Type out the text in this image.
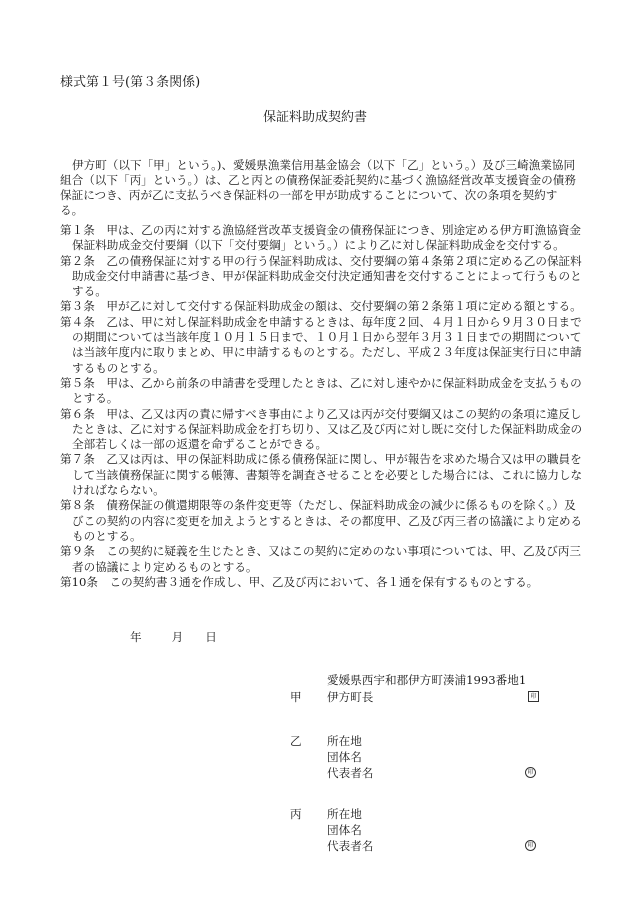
様式第１号(第３条関係)
保証料助成契約書

伊方町（以下「甲」という。)、愛媛県漁業信用基金協会（以下「乙」という。）及び三崎漁業協同組合（以下「丙」という。）は、乙と丙との債務保証委託契約に基づく漁協経営改革支援資金の債務保証につき、丙が乙に支払うべき保証料の一部を甲が助成することについて、次の条項を契約する。

第１条　甲は、乙の丙に対する漁協経営改革支援資金の債務保証につき、別途定める伊方町漁協資金保証料助成金交付要綱（以下「交付要綱」という。）により乙に対し保証料助成金を交付する。

第２条　乙の債務保証に対する甲の行う保証料助成は、交付要綱の第４条第２項に定める乙の保証料助成金交付申請書に基づき、甲が保証料助成金交付決定通知書を交付することによって行うものとする。

第３条　甲が乙に対して交付する保証料助成金の額は、交付要綱の第２条第１項に定める額とする。

第４条　乙は、甲に対し保証料助成金を申請するときは、毎年度２回、４月１日から９月３０日までの期間については当該年度１０月１５日まで、１０月１日から翌年３月３１日までの期間については当該年度内に取りまとめ、甲に申請するものとする。ただし、平成２３年度は保証実行日に申請するものとする。

第５条　甲は、乙から前条の申請書を受理したときは、乙に対し速やかに保証料助成金を支払うものとする。

第６条　甲は、乙又は丙の責に帰すべき事由により乙又は丙が交付要綱又はこの契約の条項に違反したときは、乙に対する保証料助成金を打ち切り、又は乙及び丙に対し既に交付した保証料助成金の全部若しくは一部の返還を命ずることができる。

第７条　乙又は丙は、甲の保証料助成に係る債務保証に関し、甲が報告を求めた場合又は甲の職員をして当該債務保証に関する帳簿、書類等を調査させることを必要とした場合には、これに協力しなければならない。

第８条　債務保証の償還期限等の条件変更等（ただし、保証料助成金の減少に係るものを除く。）及びこの契約の内容に変更を加えようとするときは、その都度甲、乙及び丙三者の協議により定めるものとする。

第９条　この契約に疑義を生じたとき、又はこの契約に定めのない事項については、甲、乙及び丙三者の協議により定めるものとする。

第10条　この契約書３通を作成し、甲、乙及び丙において、各１通を保有するものとする。

年	月 日
愛媛県西宇和郡伊方町湊浦1993番地1
甲 伊方町長	印
乙 所在地
団体名
代表者名	印
丙 所在地
団体名
代表者名	印
